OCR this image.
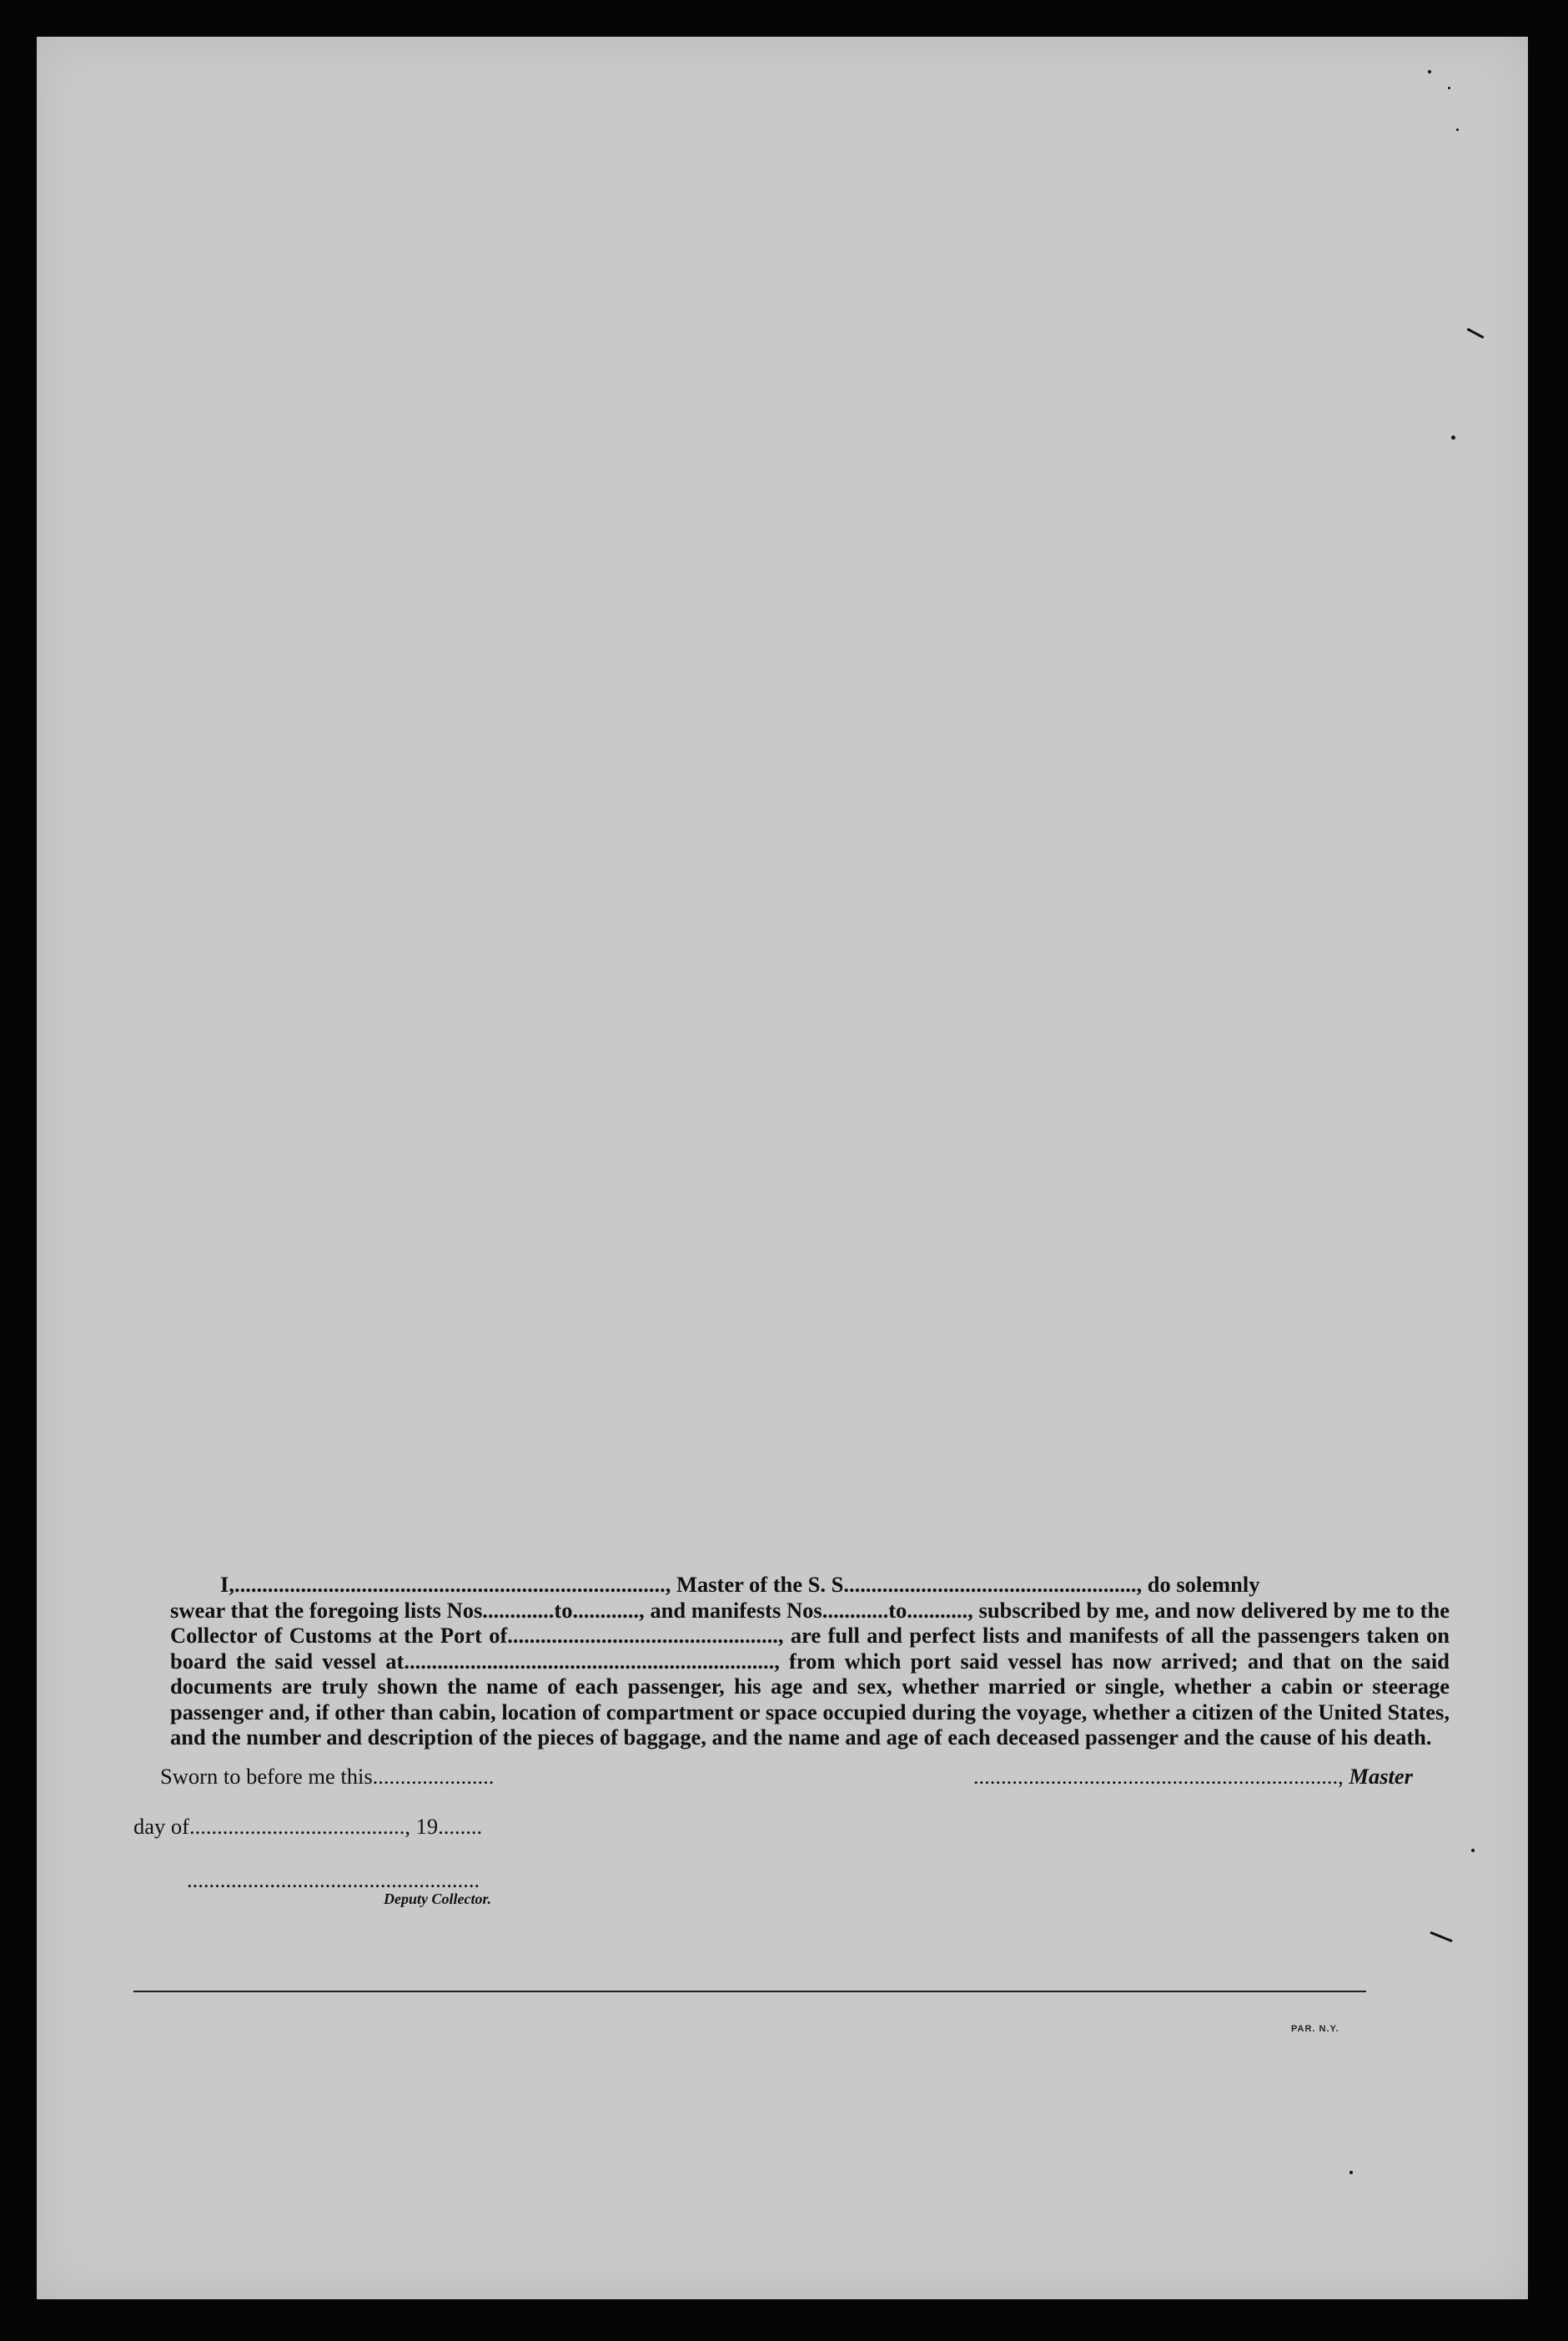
I,.............................................................................., Master of the S. S....................................................., do solemnly
swear that the foregoing lists Nos.............to............, and manifests Nos............to..........., subscribed by me, and now delivered by me to the Collector of Customs at the Port of................................................., are full and perfect lists and manifests of all the passengers taken on board the said vessel at..................................................................., from which port said vessel has now arrived; and that on the said documents are truly shown the name of each passenger, his age and sex, whether married or single, whether a cabin or steerage passenger and, if other than cabin, location of compartment or space occupied during the voyage, whether a citizen of the United States, and the number and description of the pieces of baggage, and the name and age of each deceased passenger and the cause of his death.
Sworn to before me this......................	.................................................................., Master
day of......................................., 19........
.....................................................
Deputy Collector.
PAR. N.Y.
